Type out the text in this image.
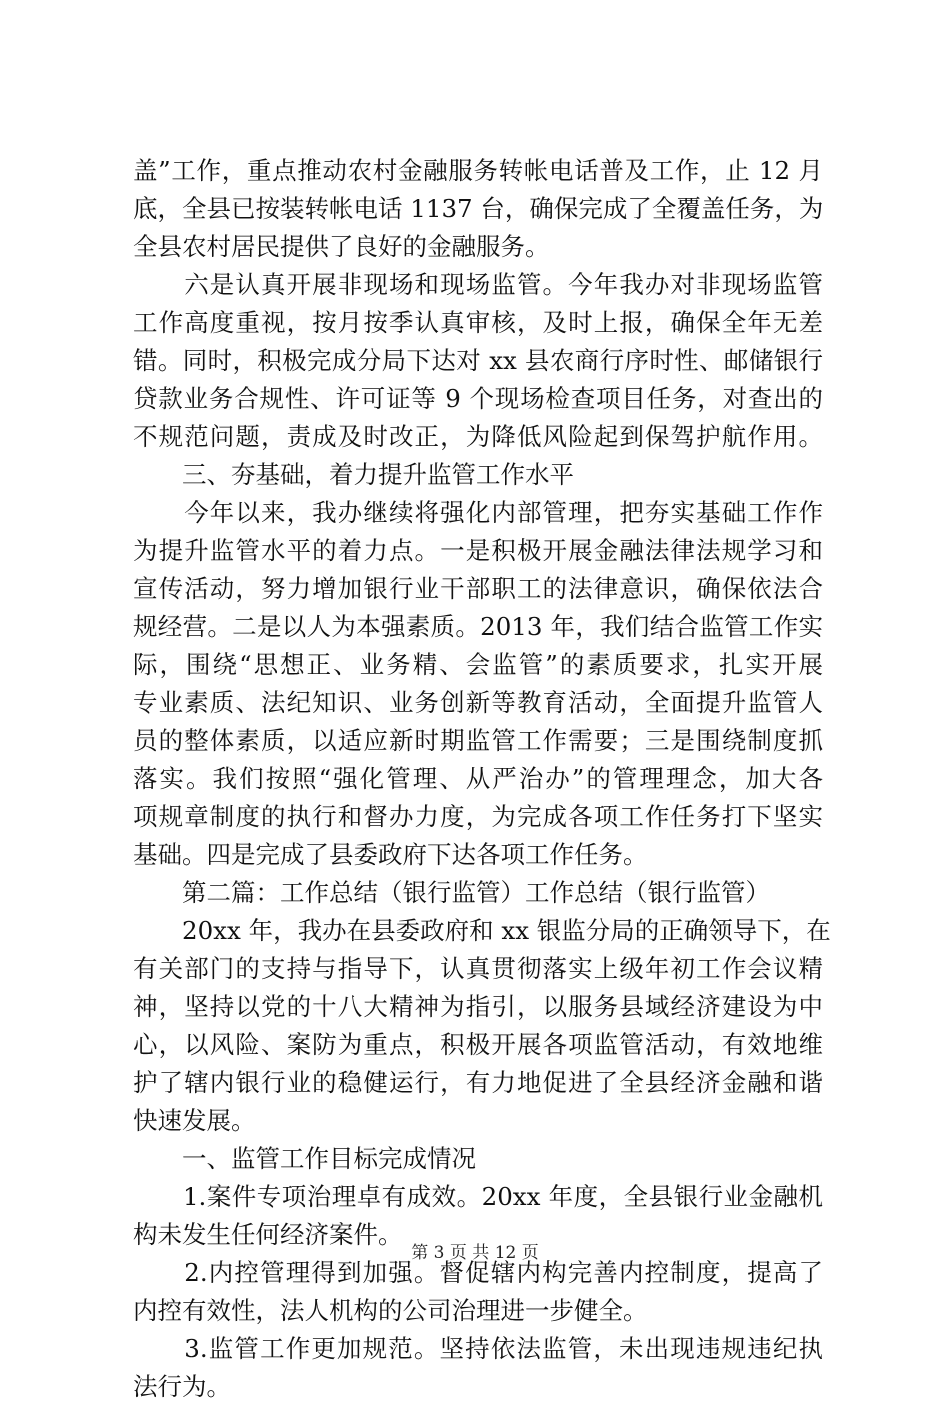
盖”工作，重点推动农村金融服务转帐电话普及工作，止 12 月
底，全县已按装转帐电话 1137 台，确保完成了全覆盖任务，为
全县农村居民提供了良好的金融服务。
　　六是认真开展非现场和现场监管。今年我办对非现场监管
工作高度重视，按月按季认真审核，及时上报，确保全年无差
错。同时，积极完成分局下达对 xx 县农商行序时性、邮储银行
贷款业务合规性、许可证等 9 个现场检查项目任务，对查出的
不规范问题，责成及时改正，为降低风险起到保驾护航作用。
　　三、夯基础，着力提升监管工作水平
　　今年以来，我办继续将强化内部管理，把夯实基础工作作
为提升监管水平的着力点。一是积极开展金融法律法规学习和
宣传活动，努力增加银行业干部职工的法律意识，确保依法合
规经营。二是以人为本强素质。2013 年，我们结合监管工作实
际，围绕“思想正、业务精、会监管”的素质要求，扎实开展
专业素质、法纪知识、业务创新等教育活动，全面提升监管人
员的整体素质，以适应新时期监管工作需要；三是围绕制度抓
落实。我们按照“强化管理、从严治办”的管理理念，加大各
项规章制度的执行和督办力度，为完成各项工作任务打下坚实
基础。四是完成了县委政府下达各项工作任务。
　　第二篇：工作总结（银行监管）工作总结（银行监管）
　　20xx 年，我办在县委政府和 xx 银监分局的正确领导下，在
有关部门的支持与指导下，认真贯彻落实上级年初工作会议精
神，坚持以党的十八大精神为指引，以服务县域经济建设为中
心，以风险、案防为重点，积极开展各项监管活动，有效地维
护了辖内银行业的稳健运行，有力地促进了全县经济金融和谐
快速发展。
　　一、监管工作目标完成情况
　　1.案件专项治理卓有成效。20xx 年度，全县银行业金融机
构未发生任何经济案件。
　　2.内控管理得到加强。督促辖内构完善内控制度，提高了
内控有效性，法人机构的公司治理进一步健全。
　　3.监管工作更加规范。坚持依法监管，未出现违规违纪执
法行为。
第 3 页 共 12 页
